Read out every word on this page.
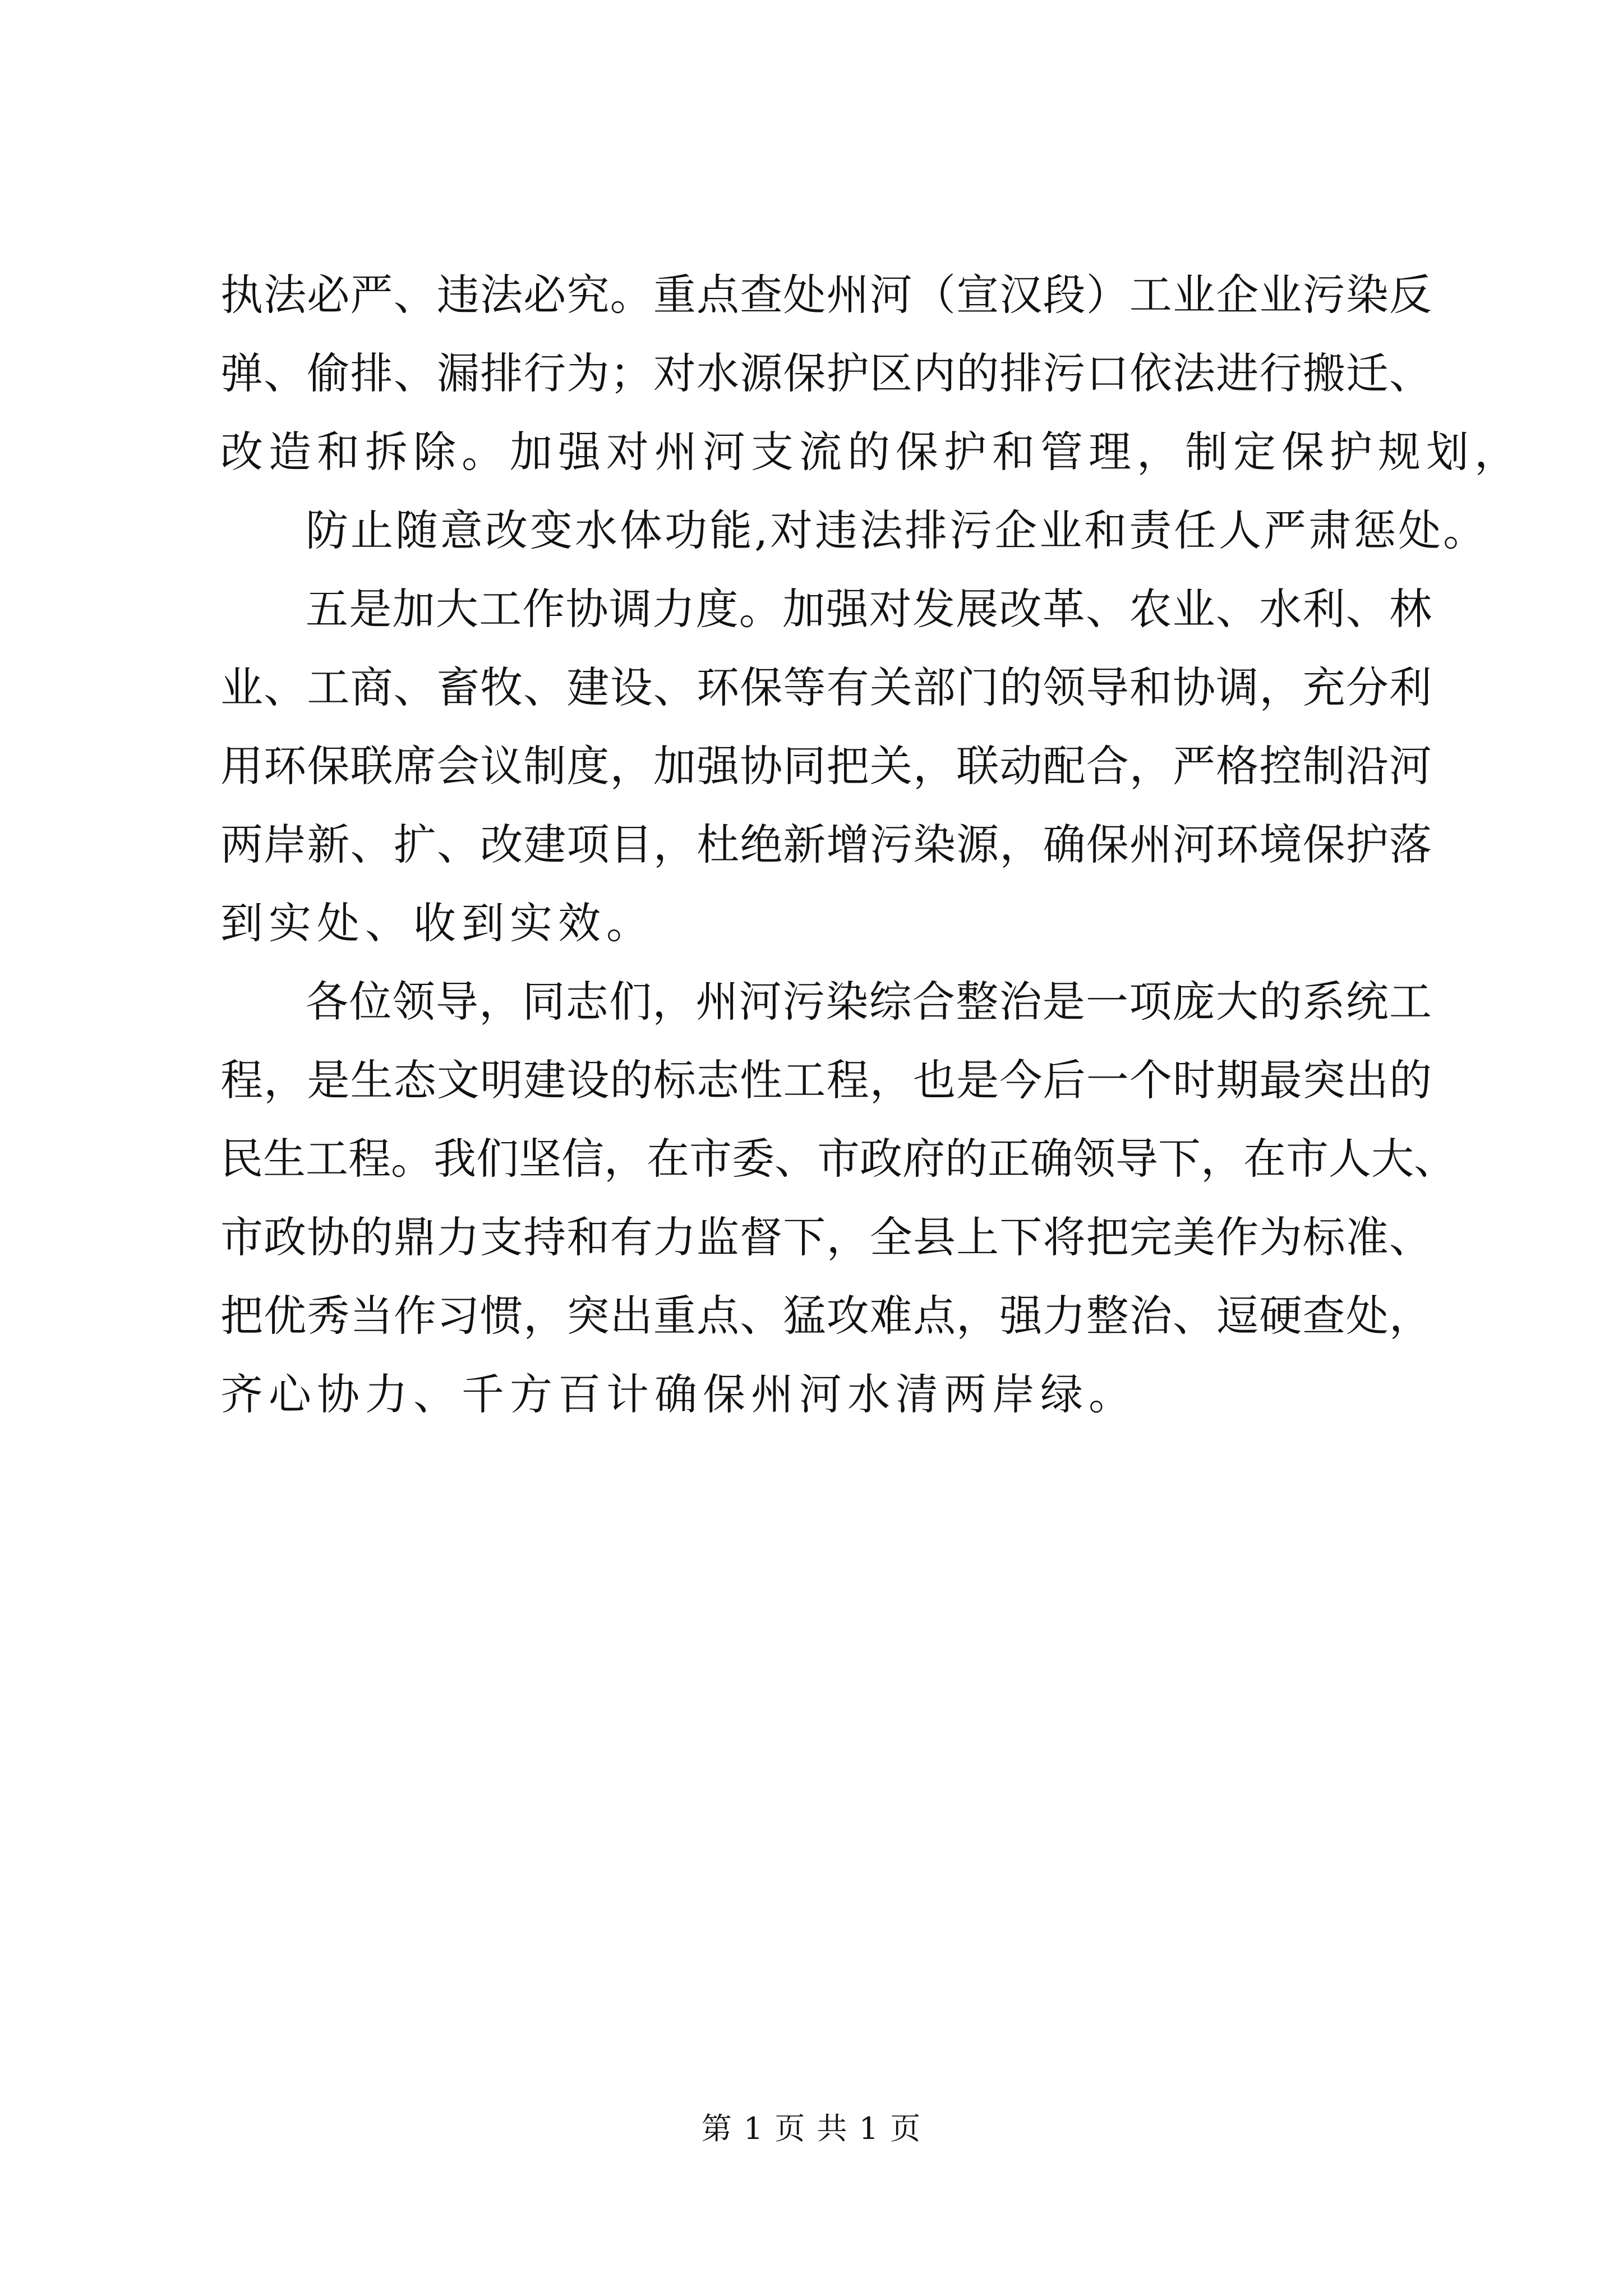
执法必严、违法必究。重点查处州河（宣汉段）工业企业污染反
弹、偷排、漏排行为；对水源保护区内的排污口依法进行搬迁、
改造和拆除。加强对州河支流的保护和管理，制定保护规划，
防止随意改变水体功能,对违法排污企业和责任人严肃惩处。
五是加大工作协调力度。加强对发展改革、农业、水利、林
业、工商、畜牧、建设、环保等有关部门的领导和协调，充分利
用环保联席会议制度，加强协同把关，联动配合，严格控制沿河
两岸新、扩、改建项目，杜绝新增污染源，确保州河环境保护落
到实处、收到实效。
各位领导，同志们，州河污染综合整治是一项庞大的系统工
程，是生态文明建设的标志性工程，也是今后一个时期最突出的
民生工程。我们坚信，在市委、市政府的正确领导下，在市人大、
市政协的鼎力支持和有力监督下，全县上下将把完美作为标准、
把优秀当作习惯，突出重点、猛攻难点，强力整治、逗硬查处，
齐心协力、千方百计确保州河水清两岸绿。
第 1 页 共 1 页
